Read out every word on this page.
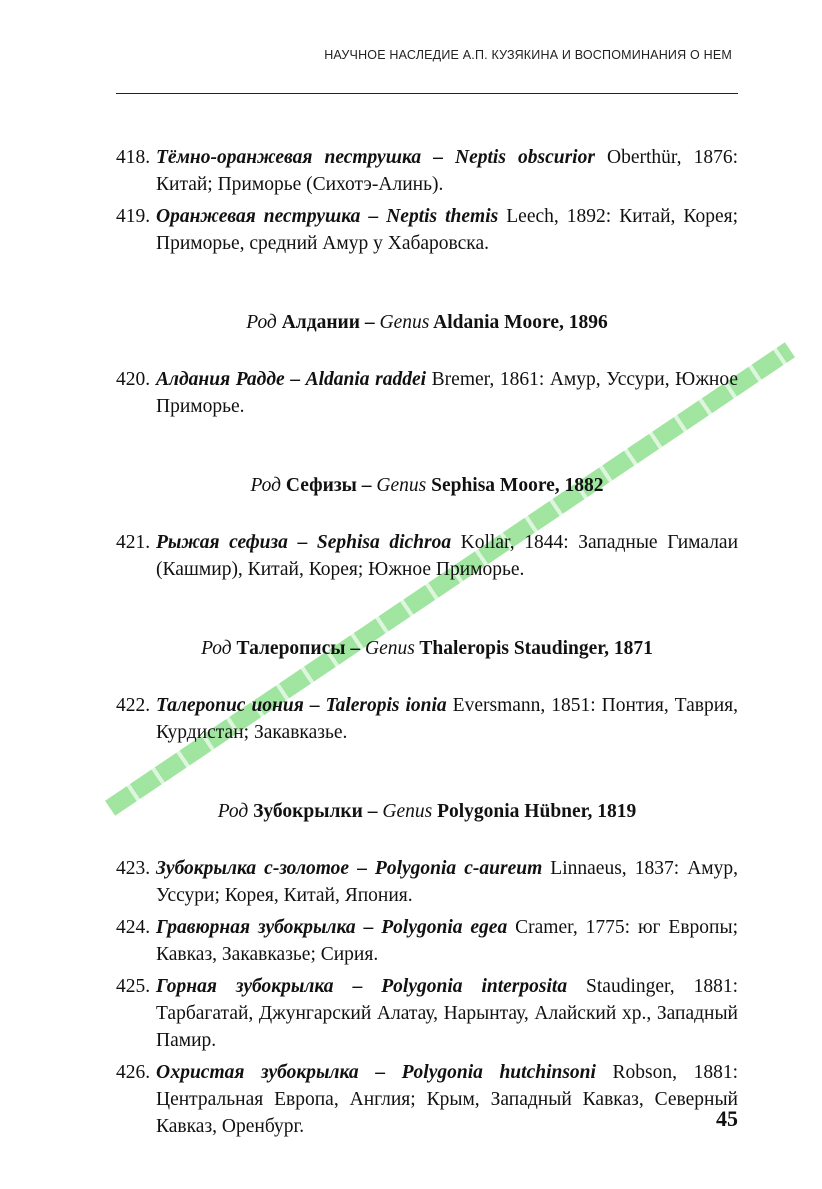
НАУЧНОЕ НАСЛЕДИЕ А.П. КУЗЯКИНА И ВОСПОМИНАНИЯ О НЕМ

418. Тёмно-оранжевая пеструшка – Neptis obscurior Oberthür, 1876: Китай; Приморье (Сихотэ-Алинь).

419. Оранжевая пеструшка – Neptis themis Leech, 1892: Китай, Корея; Приморье, средний Амур у Хабаровска.

Род Алдании – Genus Aldania Moore, 1896

420. Алдания Радде – Aldania raddei Bremer, 1861: Амур, Уссури, Южное Приморье.

Род Сефизы – Genus Sephisa Moore, 1882

421. Рыжая сефиза – Sephisa dichroa Kollar, 1844: Западные Гималаи (Кашмир), Китай, Корея; Южное Приморье.

Род Талерописы – Genus Thaleropis Staudinger, 1871

422. Талеропис иония – Taleropis ionia Eversmann, 1851: Понтия, Таврия, Курдистан; Закавказье.

Род Зубокрылки – Genus Polygonia Hübner, 1819

423. Зубокрылка с-золотое – Polygonia c-aureum Linnaeus, 1837: Амур, Уссури; Корея, Китай, Япония.

424. Гравюрная зубокрылка – Polygonia egea Cramer, 1775: юг Европы; Кавказ, Закавказье; Сирия.

425. Горная зубокрылка – Polygonia interposita Staudinger, 1881: Тарбагатай, Джунгарский Алатау, Нарынтау, Алайский хр., Западный Памир.

426. Охристая зубокрылка – Polygonia hutchinsoni Robson, 1881: Центральная Европа, Англия; Крым, Западный Кавказ, Северный Кавказ, Оренбург.	45
